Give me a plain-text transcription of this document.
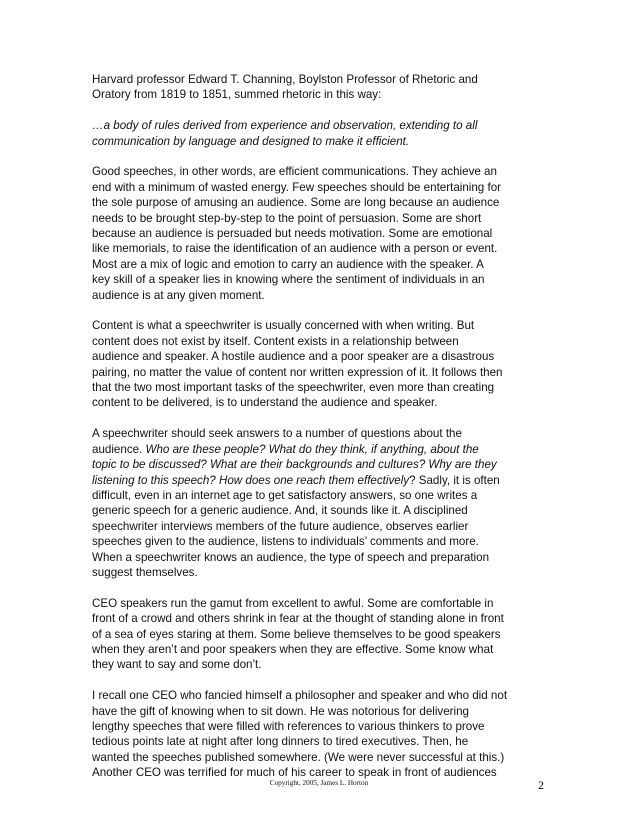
Harvard professor Edward T. Channing, Boylston Professor of Rhetoric and
Oratory from 1819 to 1851, summed rhetoric in this way:

…a body of rules derived from experience and observation, extending to all
communication by language and designed to make it efficient.

Good speeches, in other words, are efficient communications. They achieve an
end with a minimum of wasted energy. Few speeches should be entertaining for
the sole purpose of amusing an audience. Some are long because an audience
needs to be brought step-by-step to the point of persuasion. Some are short
because an audience is persuaded but needs motivation. Some are emotional
like memorials, to raise the identification of an audience with a person or event.
Most are a mix of logic and emotion to carry an audience with the speaker. A
key skill of a speaker lies in knowing where the sentiment of individuals in an
audience is at any given moment.

Content is what a speechwriter is usually concerned with when writing. But
content does not exist by itself. Content exists in a relationship between
audience and speaker. A hostile audience and a poor speaker are a disastrous
pairing, no matter the value of content nor written expression of it. It follows then
that the two most important tasks of the speechwriter, even more than creating
content to be delivered, is to understand the audience and speaker.

A speechwriter should seek answers to a number of questions about the
audience. Who are these people? What do they think, if anything, about the
topic to be discussed? What are their backgrounds and cultures? Why are they
listening to this speech? How does one reach them effectively? Sadly, it is often
difficult, even in an internet age to get satisfactory answers, so one writes a
generic speech for a generic audience. And, it sounds like it. A disciplined
speechwriter interviews members of the future audience, observes earlier
speeches given to the audience, listens to individuals’ comments and more.
When a speechwriter knows an audience, the type of speech and preparation
suggest themselves.

CEO speakers run the gamut from excellent to awful. Some are comfortable in
front of a crowd and others shrink in fear at the thought of standing alone in front
of a sea of eyes staring at them. Some believe themselves to be good speakers
when they aren’t and poor speakers when they are effective. Some know what
they want to say and some don’t.

I recall one CEO who fancied himself a philosopher and speaker and who did not
have the gift of knowing when to sit down. He was notorious for delivering
lengthy speeches that were filled with references to various thinkers to prove
tedious points late at night after long dinners to tired executives. Then, he
wanted the speeches published somewhere. (We were never successful at this.)
Another CEO was terrified for much of his career to speak in front of audiences

Copyright, 2005, James L. Horton	2
